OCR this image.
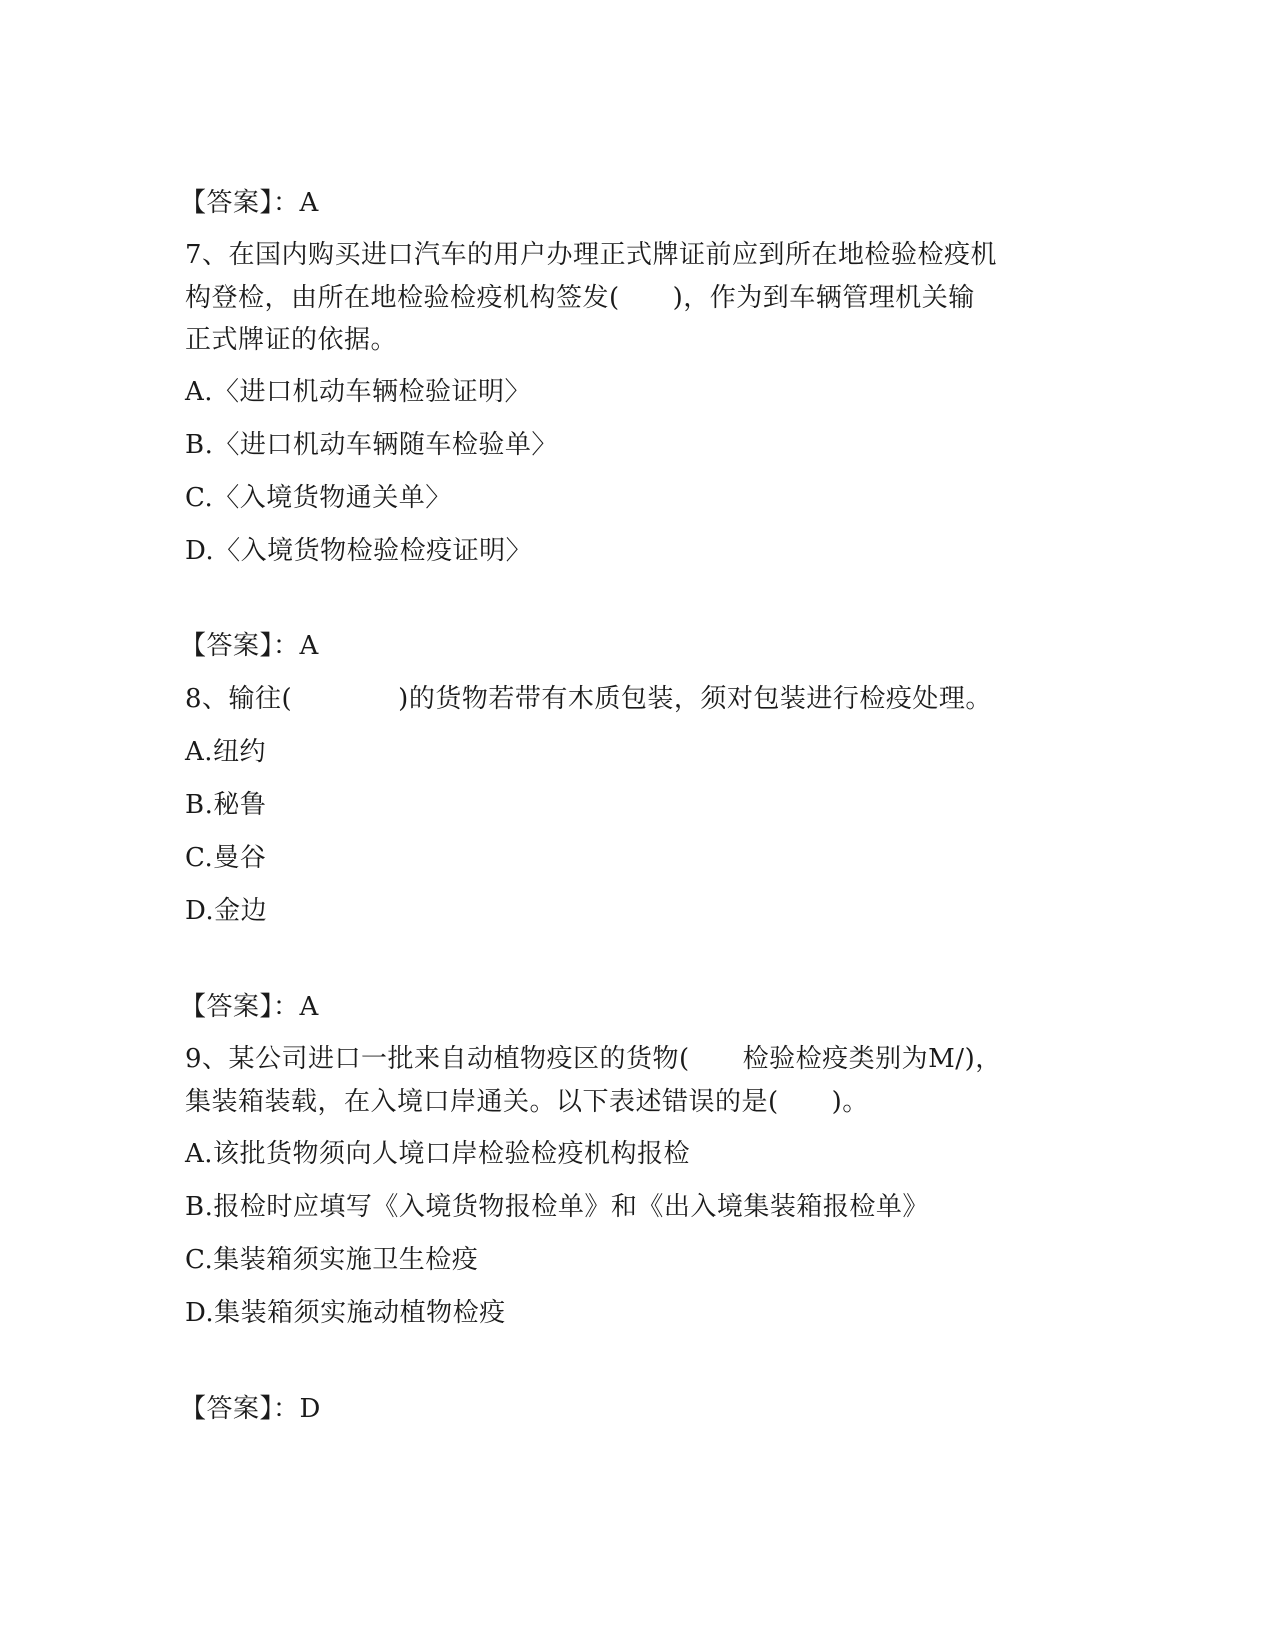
【答案】：A
7、在国内购买进口汽车的用户办理正式牌证前应到所在地检验检疫机
构登检，由所在地检验检疫机构签发(　　)，作为到车辆管理机关输
正式牌证的依据。
A.〈进口机动车辆检验证明〉
B.〈进口机动车辆随车检验单〉
C.〈入境货物通关单〉
D.〈入境货物检验检疫证明〉
【答案】：A
8、输往(　　　　)的货物若带有木质包装，须对包装进行检疫处理。
A.纽约
B.秘鲁
C.曼谷
D.金边
【答案】：A
9、某公司进口一批来自动植物疫区的货物(　　检验检疫类别为M/)，
集装箱装载，在入境口岸通关。以下表述错误的是(　　)。
A.该批货物须向人境口岸检验检疫机构报检
B.报检时应填写《入境货物报检单》和《出入境集装箱报检单》
C.集装箱须实施卫生检疫
D.集装箱须实施动植物检疫
【答案】：D
